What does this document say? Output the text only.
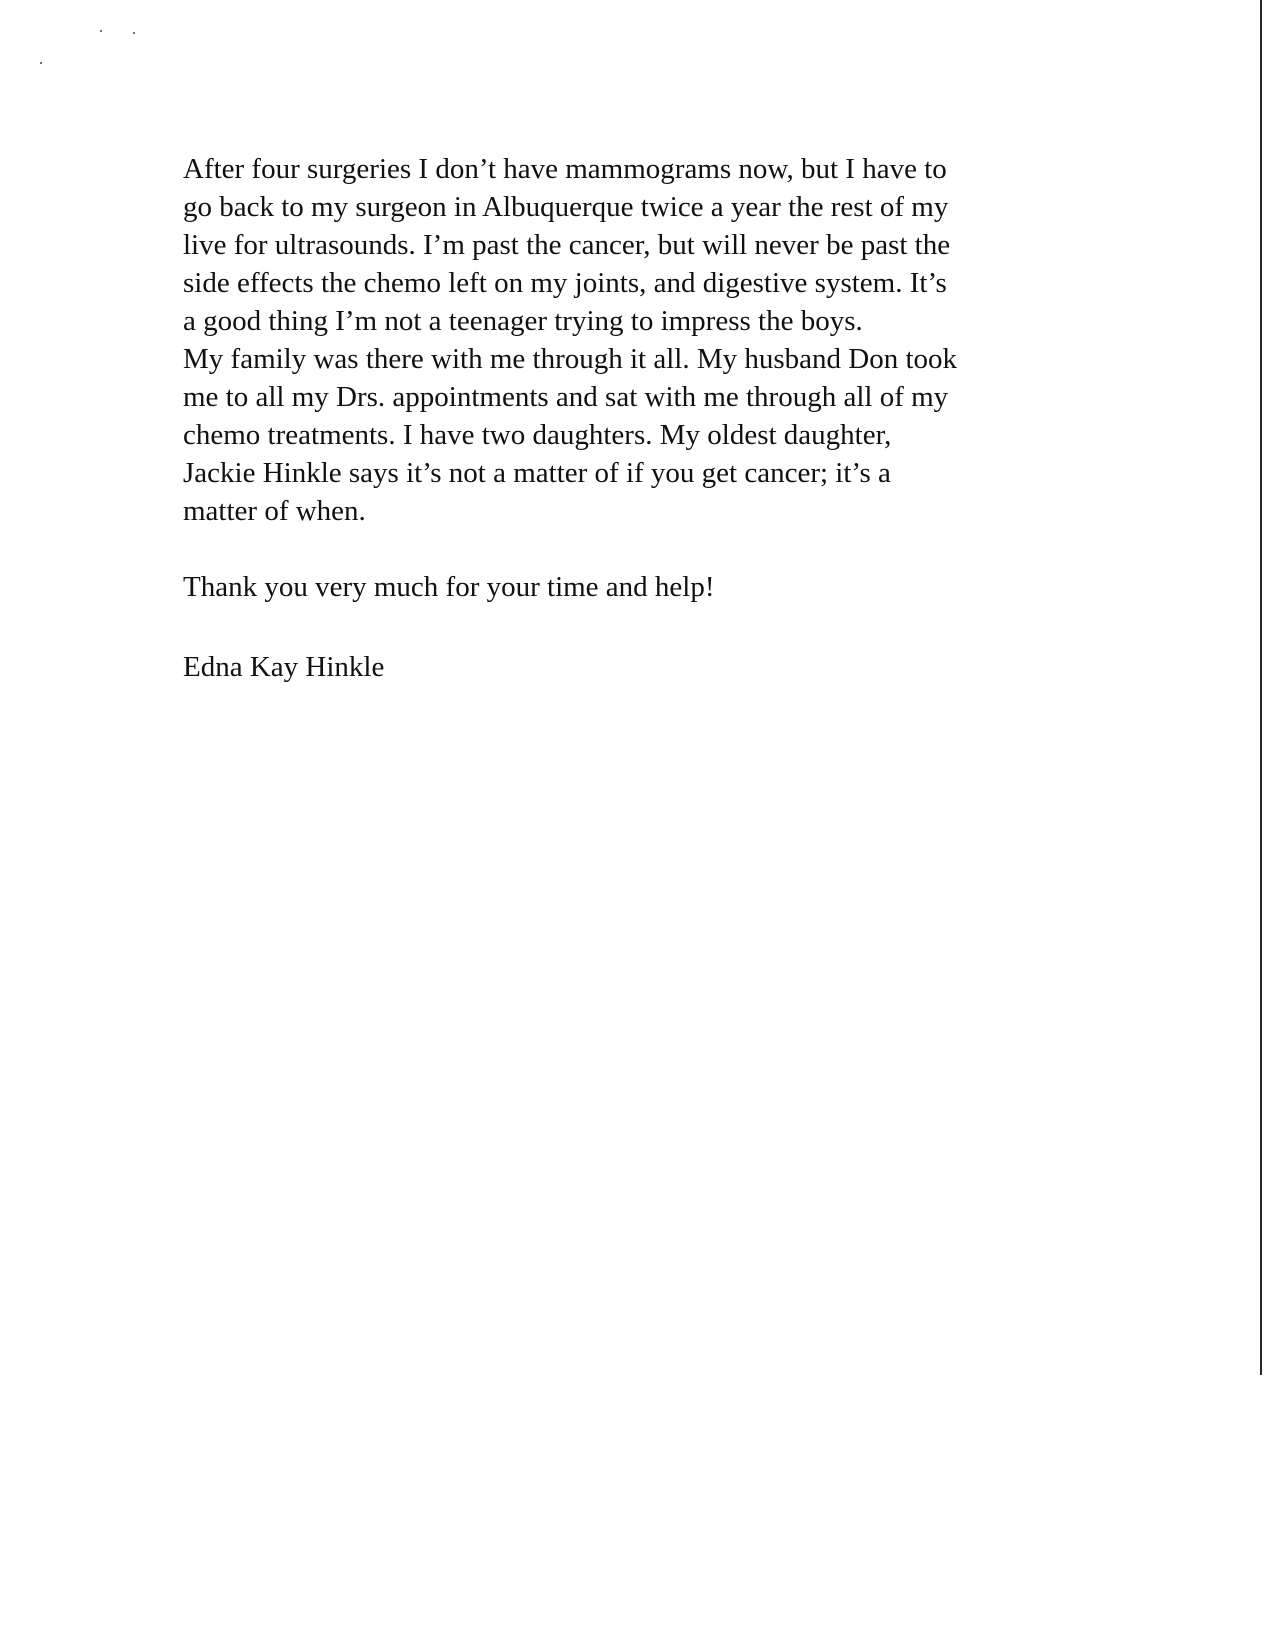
After four surgeries I don’t have mammograms now, but I have to
go back to my surgeon in Albuquerque twice a year the rest of my
live for ultrasounds. I’m past the cancer, but will never be past the
side effects the chemo left on my joints, and digestive system. It’s
a good thing I’m not a teenager trying to impress the boys.
My family was there with me through it all. My husband Don took
me to all my Drs. appointments and sat with me through all of my
chemo treatments. I have two daughters. My oldest daughter,
Jackie Hinkle says it’s not a matter of if you get cancer; it’s a
matter of when.
Thank you very much for your time and help!
Edna Kay Hinkle
